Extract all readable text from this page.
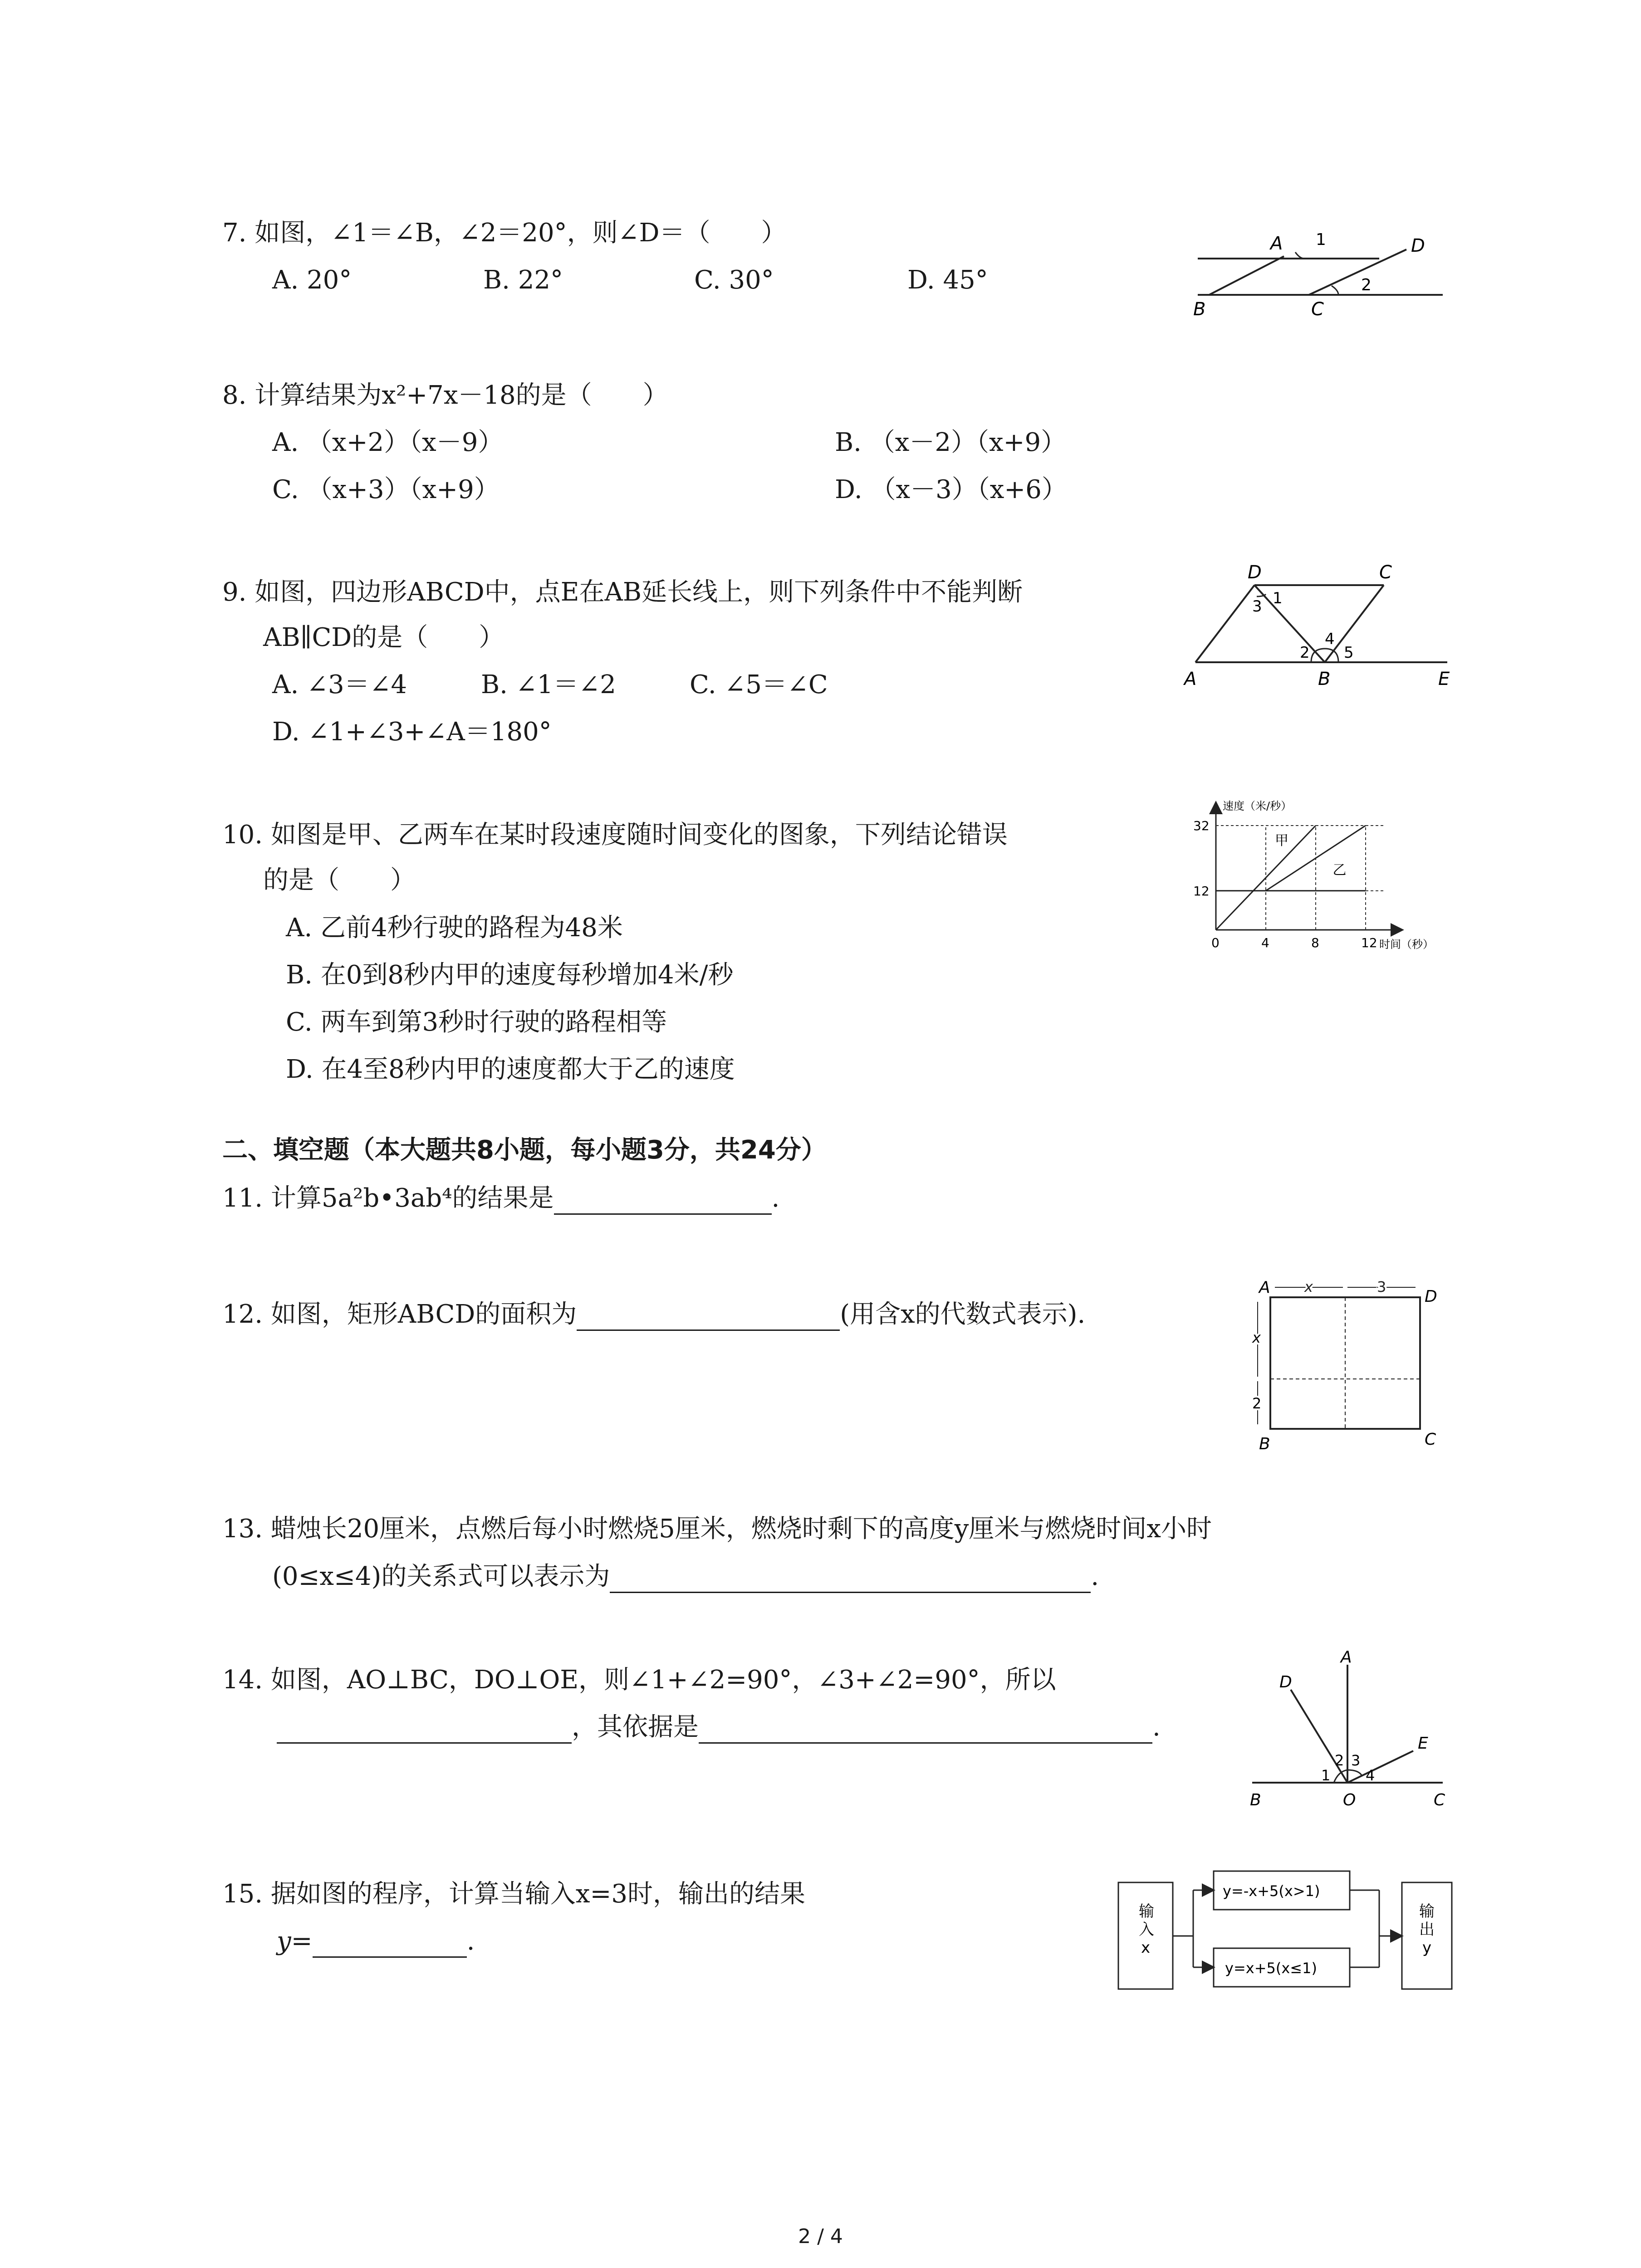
7. 如图，∠1＝∠B，∠2＝20°，则∠D＝（　　）
A. 20°	B. 22°	C. 30°	D. 45°
A
B	C
D
1
2
8. 计算结果为x²+7x－18的是（　　）
A. （x+2）（x－9）	B. （x－2）（x+9）
C. （x+3）（x+9）	D. （x－3）（x+6）
9. 如图，四边形ABCD中，点E在AB延长线上，则下列条件中不能判断
AB∥CD的是（　　）
A. ∠3＝∠4	B. ∠1＝∠2	C. ∠5＝∠C
D. ∠1+∠3+∠A＝180°
D	C
A	B	E
1
2
3
4
5
10. 如图是甲、乙两车在某时段速度随时间变化的图象，下列结论错误
的是（　　）
A. 乙前4秒行驶的路程为48米
B. 在0到8秒内甲的速度每秒增加4米/秒
C. 两车到第3秒时行驶的路程相等
D. 在4至8秒内甲的速度都大于乙的速度
速度（米/秒）
时间（秒）
0	4	8	12
12
32
甲
乙
二、填空题（本大题共8小题，每小题3分，共24分）
11. 计算5a²b•3ab⁴的结果是	.
12. 如图，矩形ABCD的面积为	(用含x的代数式表示).
A	D
B	C
x	3
x
2
13. 蜡烛长20厘米，点燃后每小时燃烧5厘米，燃烧时剩下的高度y厘米与燃烧时间x小时
(0≤x≤4)的关系式可以表示为	.
14. 如图，AO⊥BC，DO⊥OE，则∠1+∠2=90°，∠3+∠2=90°，所以
，其依据是	.
A
D
E
B	O	C
1
2 3
4
15. 据如图的程序，计算当输入x=3时，输出的结果
y=	.
输
入
x
y=-x+5(x>1)
y=x+5(x≤1)
输
出
y
2 / 4
